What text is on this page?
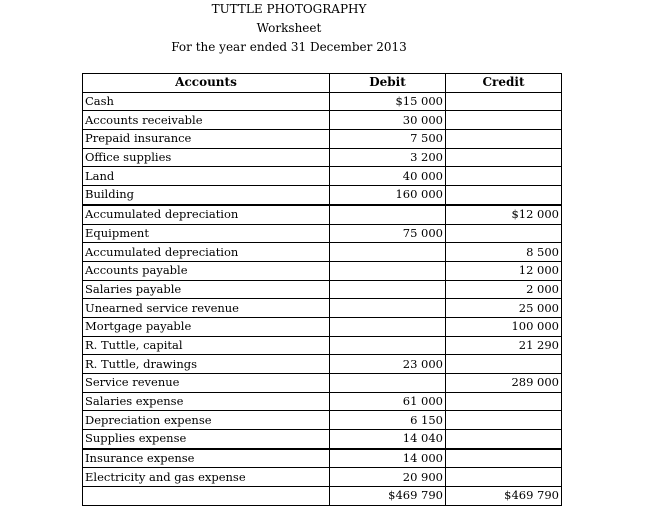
TUTTLE PHOTOGRAPHY
Worksheet
For the year ended 31 December 2013
Accounts	Debit	Credit
Cash	$15 000	
Accounts receivable	30 000	
Prepaid insurance	7 500	
Office supplies	3 200	
Land	40 000	
Building	160 000	
Accumulated depreciation		$12 000
Equipment	75 000	
Accumulated depreciation		8 500
Accounts payable		12 000
Salaries payable		2 000
Unearned service revenue		25 000
Mortgage payable		100 000
R. Tuttle, capital		21 290
R. Tuttle, drawings	23 000	
Service revenue		289 000
Salaries expense	61 000	
Depreciation expense	6 150	
Supplies expense	14 040	
Insurance expense	14 000	
Electricity and gas expense	20 900	
	$469 790	$469 790
